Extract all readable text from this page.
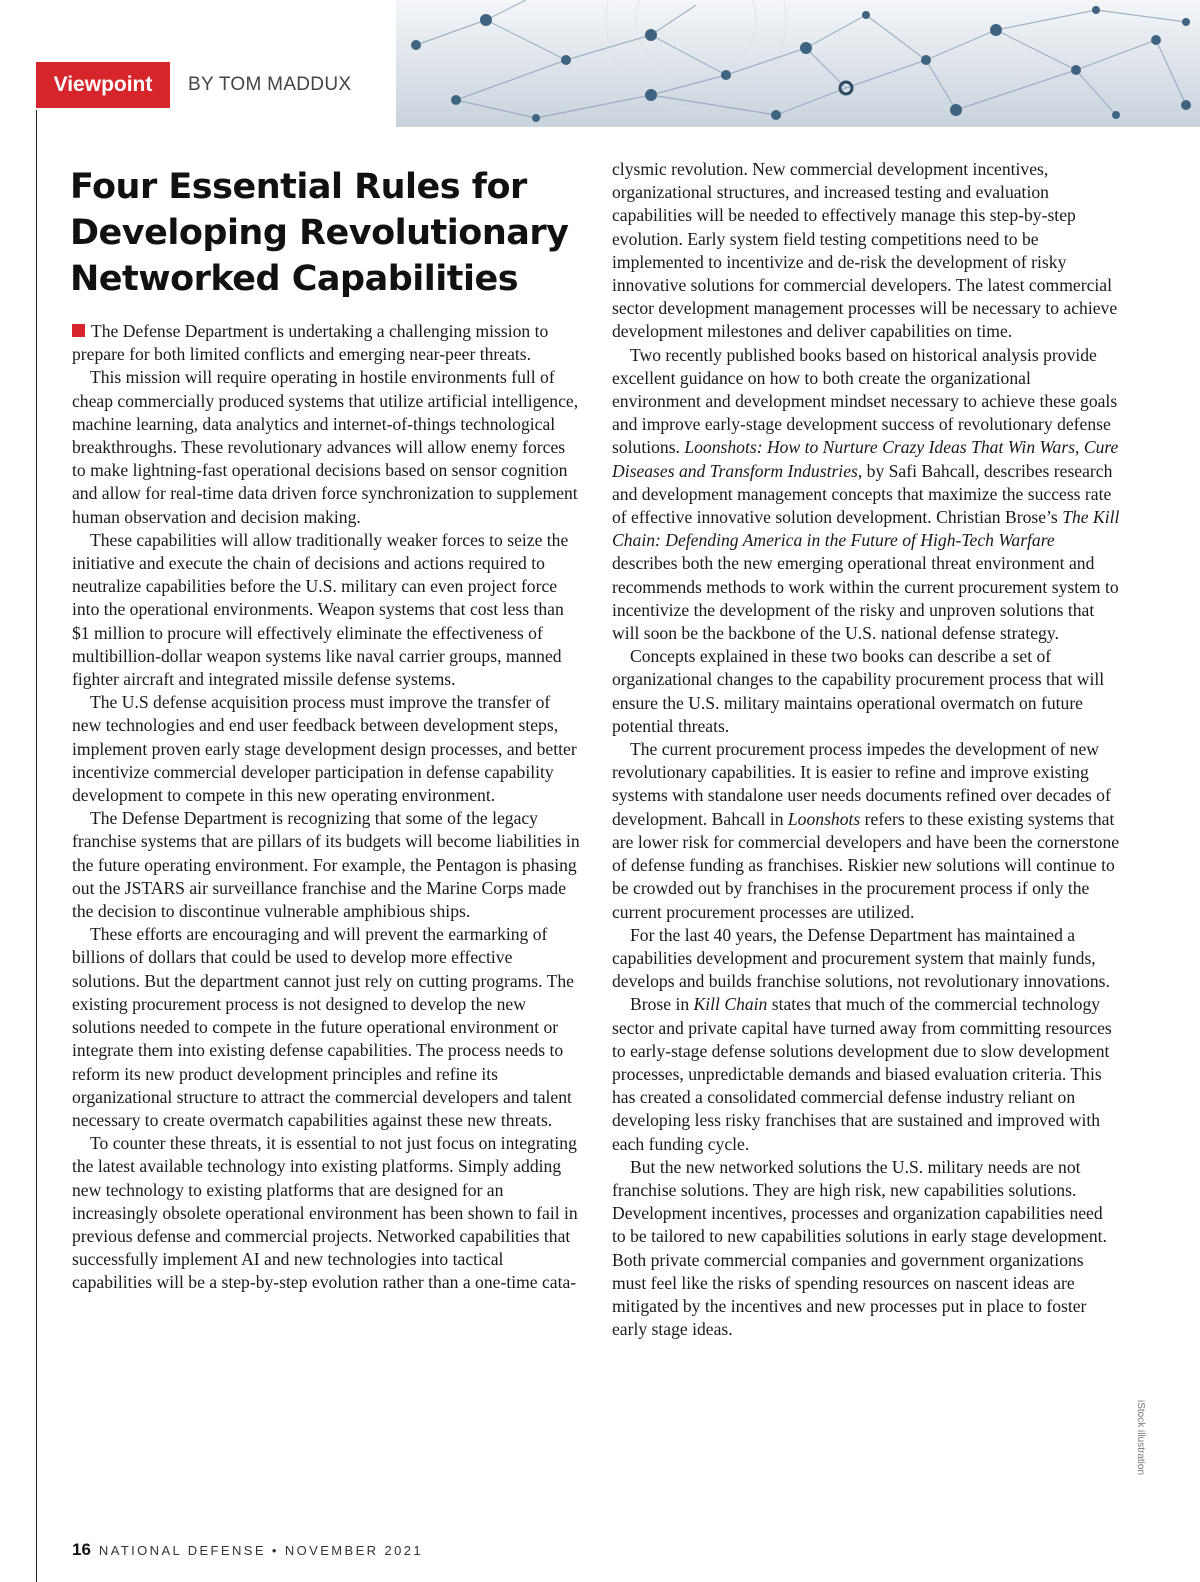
Viewpoint	BY TOM MADDUX
Four Essential Rules for Developing Revolutionary Networked Capabilities

The Defense Department is undertaking a challenging mission to prepare for both limited conflicts and emerging near-peer threats.

This mission will require operating in hostile environments full of cheap commercially produced systems that utilize artificial intelligence, machine learning, data analytics and internet-of-things technological breakthroughs. These revolutionary advances will allow enemy forces to make lightning-fast operational decisions based on sensor cognition and allow for real-time data driven force synchronization to supplement human observation and decision making.

These capabilities will allow traditionally weaker forces to seize the initiative and execute the chain of decisions and actions required to neutralize capabilities before the U.S. military can even project force into the operational environments. Weapon systems that cost less than $1 million to procure will effectively eliminate the effectiveness of multibillion-dollar weapon systems like naval carrier groups, manned fighter aircraft and integrated missile defense systems.

The U.S defense acquisition process must improve the transfer of new technologies and end user feedback between development steps, implement proven early stage development design processes, and better incentivize commercial developer participation in defense capability development to compete in this new operating environment.

The Defense Department is recognizing that some of the legacy franchise systems that are pillars of its budgets will become liabilities in the future operating environment. For example, the Pentagon is phasing out the JSTARS air surveillance franchise and the Marine Corps made the decision to discontinue vulnerable amphibious ships.

These efforts are encouraging and will prevent the earmarking of billions of dollars that could be used to develop more effective solutions. But the department cannot just rely on cutting programs. The existing procurement process is not designed to develop the new solutions needed to compete in the future operational environment or integrate them into existing defense capabilities. The process needs to reform its new product development principles and refine its organizational structure to attract the commercial developers and talent necessary to create overmatch capabilities against these new threats.

To counter these threats, it is essential to not just focus on integrating the latest available technology into existing platforms. Simply adding new technology to existing platforms that are designed for an increasingly obsolete operational environment has been shown to fail in previous defense and commercial projects. Networked capabilities that successfully implement AI and new technologies into tactical capabilities will be a step-by-step evolution rather than a one-time cata-

clysmic revolution. New commercial development incentives, organizational structures, and increased testing and evaluation capabilities will be needed to effectively manage this step-by-step evolution. Early system field testing competitions need to be implemented to incentivize and de-risk the development of risky innovative solutions for commercial developers. The latest commercial sector development management processes will be necessary to achieve development milestones and deliver capabilities on time.

Two recently published books based on historical analysis provide excellent guidance on how to both create the organizational environment and development mindset necessary to achieve these goals and improve early-stage development success of revolutionary defense solutions. Loonshots: How to Nurture Crazy Ideas That Win Wars, Cure Diseases and Transform Industries, by Safi Bahcall, describes research and development management concepts that maximize the success rate of effective innovative solution development. Christian Brose’s The Kill Chain: Defending America in the Future of High-Tech Warfare describes both the new emerging operational threat environment and recommends methods to work within the current procurement system to incentivize the development of the risky and unproven solutions that will soon be the backbone of the U.S. national defense strategy.

Concepts explained in these two books can describe a set of organizational changes to the capability procurement process that will ensure the U.S. military maintains operational overmatch on future potential threats.

The current procurement process impedes the development of new revolutionary capabilities. It is easier to refine and improve existing systems with standalone user needs documents refined over decades of development. Bahcall in Loonshots refers to these existing systems that are lower risk for commercial developers and have been the cornerstone of defense funding as franchises. Riskier new solutions will continue to be crowded out by franchises in the procurement process if only the current procurement processes are utilized.

For the last 40 years, the Defense Department has maintained a capabilities development and procurement system that mainly funds, develops and builds franchise solutions, not revolutionary innovations.

Brose in Kill Chain states that much of the commercial technology sector and private capital have turned away from committing resources to early-stage defense solutions development due to slow development processes, unpredictable demands and biased evaluation criteria. This has created a consolidated commercial defense industry reliant on developing less risky franchises that are sustained and improved with each funding cycle.

But the new networked solutions the U.S. military needs are not franchise solutions. They are high risk, new capabilities solutions. Development incentives, processes and organization capabilities need to be tailored to new capabilities solutions in early stage development. Both private commercial companies and government organizations must feel like the risks of spending resources on nascent ideas are mitigated by the incentives and new processes put in place to foster early stage ideas.

iStock illustration
16 NATIONAL DEFENSE • NOVEMBER 2021
